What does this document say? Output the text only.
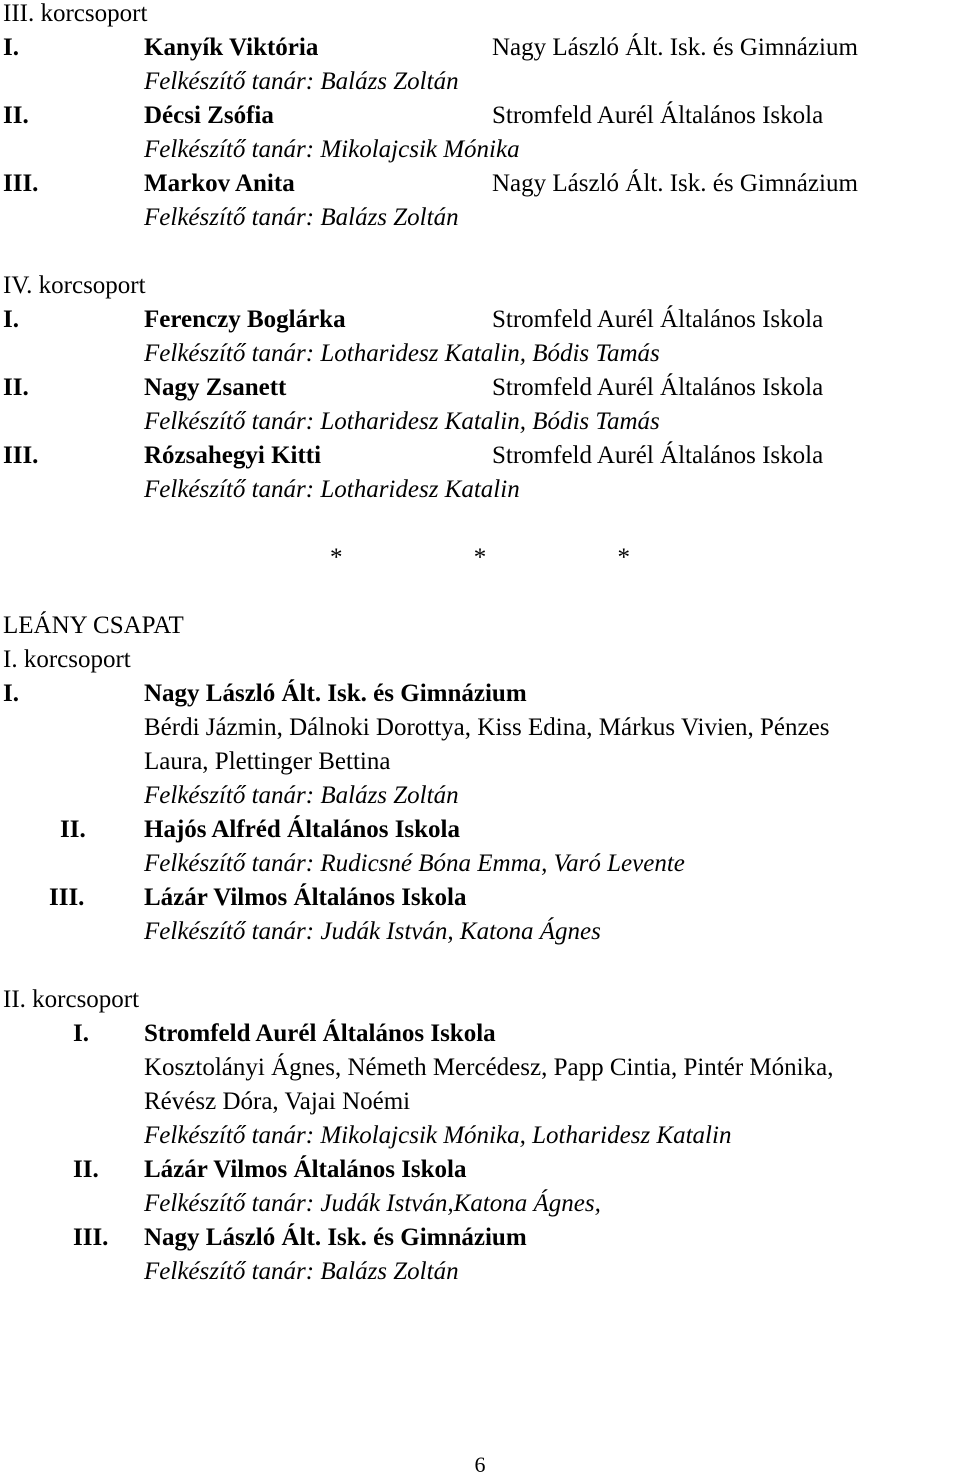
III. korcsoport
I.	Kanyík Viktória	Nagy László Ált. Isk. és Gimnázium
Felkészítő tanár: Balázs Zoltán
II.	Décsi Zsófia	Stromfeld Aurél Általános Iskola
Felkészítő tanár: Mikolajcsik Mónika
III.	Markov Anita	Nagy László Ált. Isk. és Gimnázium
Felkészítő tanár: Balázs Zoltán
IV. korcsoport
I.	Ferenczy Boglárka	Stromfeld Aurél Általános Iskola
Felkészítő tanár: Lotharidesz Katalin, Bódis Tamás
II.	Nagy Zsanett	Stromfeld Aurél Általános Iskola
Felkészítő tanár: Lotharidesz Katalin, Bódis Tamás
III.	Rózsahegyi Kitti	Stromfeld Aurél Általános Iskola
Felkészítő tanár: Lotharidesz Katalin
*	*	*
LEÁNY CSAPAT
I. korcsoport
I.	Nagy László Ált. Isk. és Gimnázium
Bérdi Jázmin, Dálnoki Dorottya, Kiss Edina, Márkus Vivien, Pénzes
Laura, Plettinger Bettina
Felkészítő tanár: Balázs Zoltán
II. Hajós Alfréd Általános Iskola
Felkészítő tanár: Rudicsné Bóna Emma, Varó Levente
III. Lázár Vilmos Általános Iskola
Felkészítő tanár: Judák István, Katona Ágnes
II. korcsoport
I. Stromfeld Aurél Általános Iskola
Kosztolányi Ágnes, Németh Mercédesz, Papp Cintia, Pintér Mónika,
Révész Dóra, Vajai Noémi
Felkészítő tanár: Mikolajcsik Mónika, Lotharidesz Katalin
II. Lázár Vilmos Általános Iskola
Felkészítő tanár: Judák István,Katona Ágnes,
III. Nagy László Ált. Isk. és Gimnázium
Felkészítő tanár: Balázs Zoltán
6
